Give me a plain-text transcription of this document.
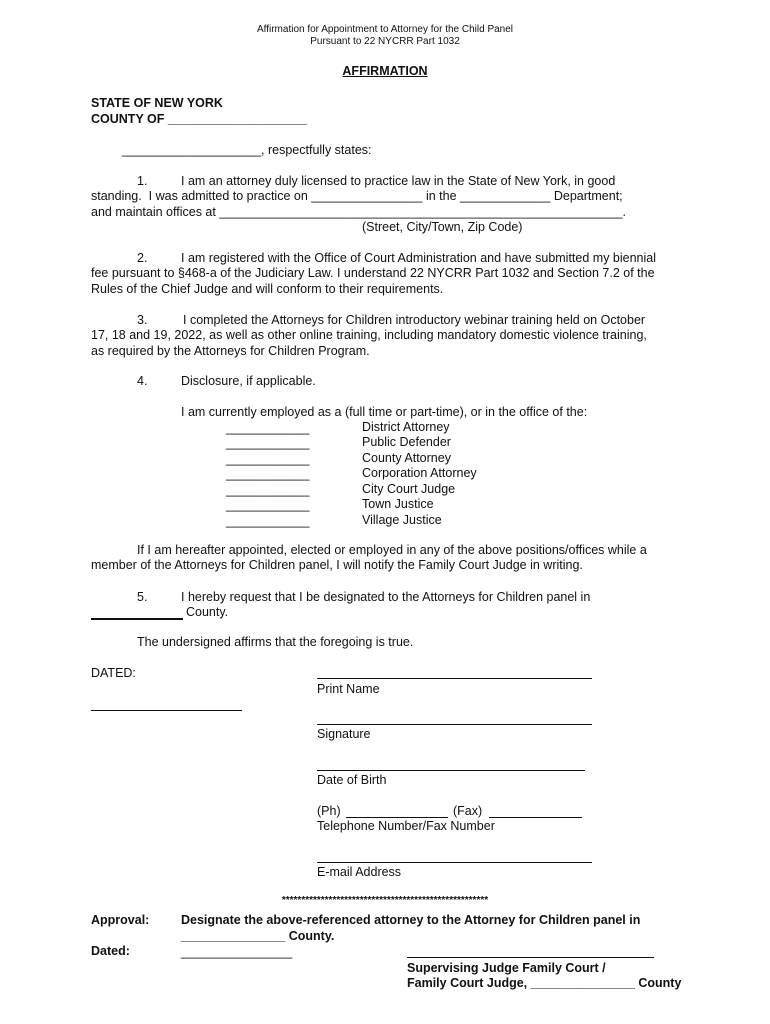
Affirmation for Appointment to Attorney for the Child Panel
Pursuant to 22 NYCRR Part 1032
AFFIRMATION
STATE OF NEW YORK
COUNTY OF ____________________
____________________, respectfully states:
1.	I am an attorney duly licensed to practice law in the State of New York, in good
standing.  I was admitted to practice on ________________ in the _____________ Department;
and maintain offices at __________________________________________________________.
(Street, City/Town, Zip Code)
2.	I am registered with the Office of Court Administration and have submitted my biennial
fee pursuant to §468-a of the Judiciary Law. I understand 22 NYCRR Part 1032 and Section 7.2 of the
Rules of the Chief Judge and will conform to their requirements.
3.	I completed the Attorneys for Children introductory webinar training held on October
17, 18 and 19, 2022, as well as other online training, including mandatory domestic violence training,
as required by the Attorneys for Children Program.
4.	Disclosure, if applicable.
I am currently employed as a (full time or part-time), or in the office of the:
____________	District Attorney
____________	Public Defender
____________	County Attorney
____________	Corporation Attorney
____________	City Court Judge
____________	Town Justice
____________	Village Justice
If I am hereafter appointed, elected or employed in any of the above positions/offices while a
member of the Attorneys for Children panel, I will notify the Family Court Judge in writing.
5.	I hereby request that I be designated to the Attorneys for Children panel in
County.
The undersigned affirms that the foregoing is true.
DATED:
Print Name
Signature
Date of Birth
(Ph)	(Fax)
Telephone Number/Fax Number
E-mail Address
*****************************************************
Approval:	Designate the above-referenced attorney to the Attorney for Children panel in
_______________ County.
Dated:	________________
Supervising Judge Family Court /
Family Court Judge, _______________ County
